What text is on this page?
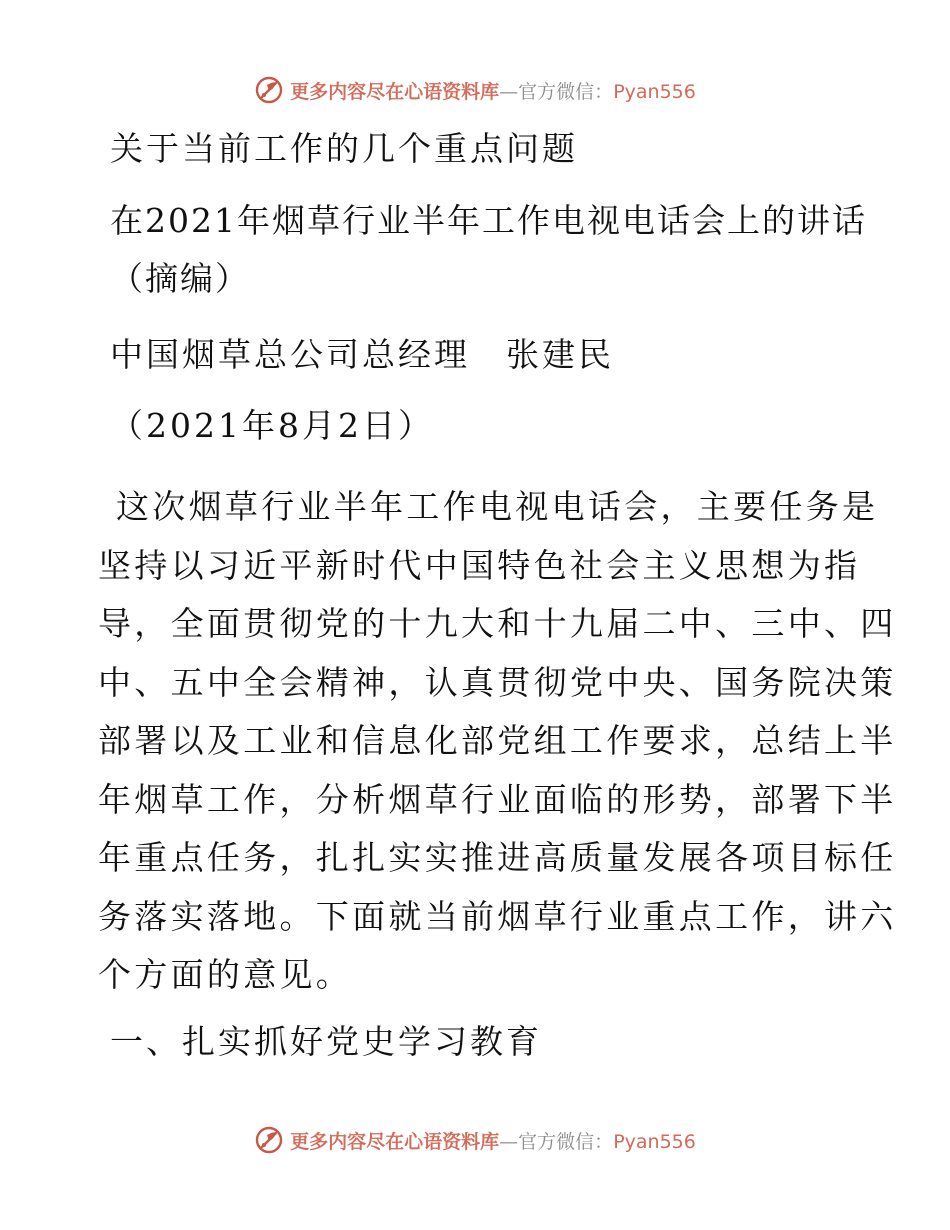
更多内容尽在心语资料库—官方微信：Pyan556
关于当前工作的几个重点问题
在2021年烟草行业半年工作电视电话会上的讲话
（摘编）
中国烟草总公司总经理　张建民
（2021年8月2日）
这次烟草行业半年工作电视电话会，主要任务是
坚持以习近平新时代中国特色社会主义思想为指
导，全面贯彻党的十九大和十九届二中、三中、四
中、五中全会精神，认真贯彻党中央、国务院决策
部署以及工业和信息化部党组工作要求，总结上半
年烟草工作，分析烟草行业面临的形势，部署下半
年重点任务，扎扎实实推进高质量发展各项目标任
务落实落地。下面就当前烟草行业重点工作，讲六
个方面的意见。
一、扎实抓好党史学习教育
更多内容尽在心语资料库—官方微信：Pyan556
